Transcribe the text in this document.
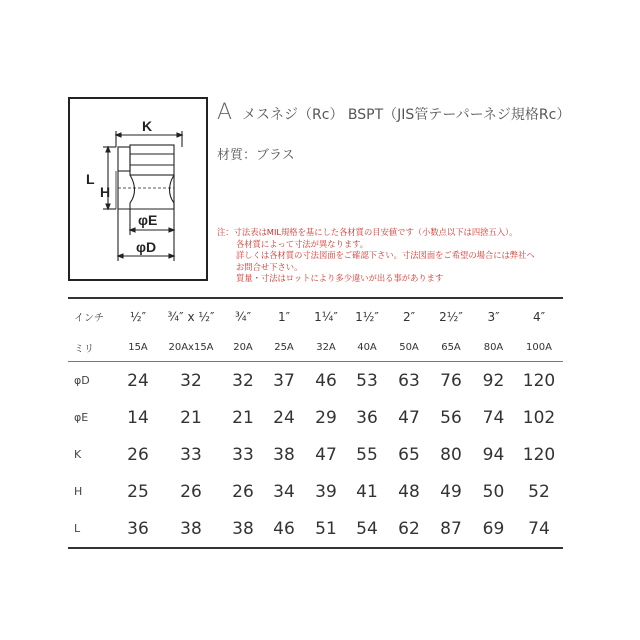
K
L
H
φE
φD
Aメスネジ（Rc） BSPT（JIS管テーパーネジ規格Rc）
材質：ブラス
注：寸法表はMIL規格を基にした各材質の目安値です（小数点以下は四捨五入）。
各材質によって寸法が異なります。
詳しくは各材質の寸法図面をご確認下さい。寸法図面をご希望の場合には弊社へ
お問合せ下さい。
質量・寸法はロットにより多少違いが出る事があります
インチ	½″	¾″ x ½″	¾″	1″	1¼″	1½″	2″	2½″	3″	4″
ミリ	15A	20Ax15A	20A	25A	32A	40A	50A	65A	80A	100A
φD	24	32	32	37	46	53	63	76	92	120
φE	14	21	21	24	29	36	47	56	74	102
K	26	33	33	38	47	55	65	80	94	120
H	25	26	26	34	39	41	48	49	50	52
L	36	38	38	46	51	54	62	87	69	74
